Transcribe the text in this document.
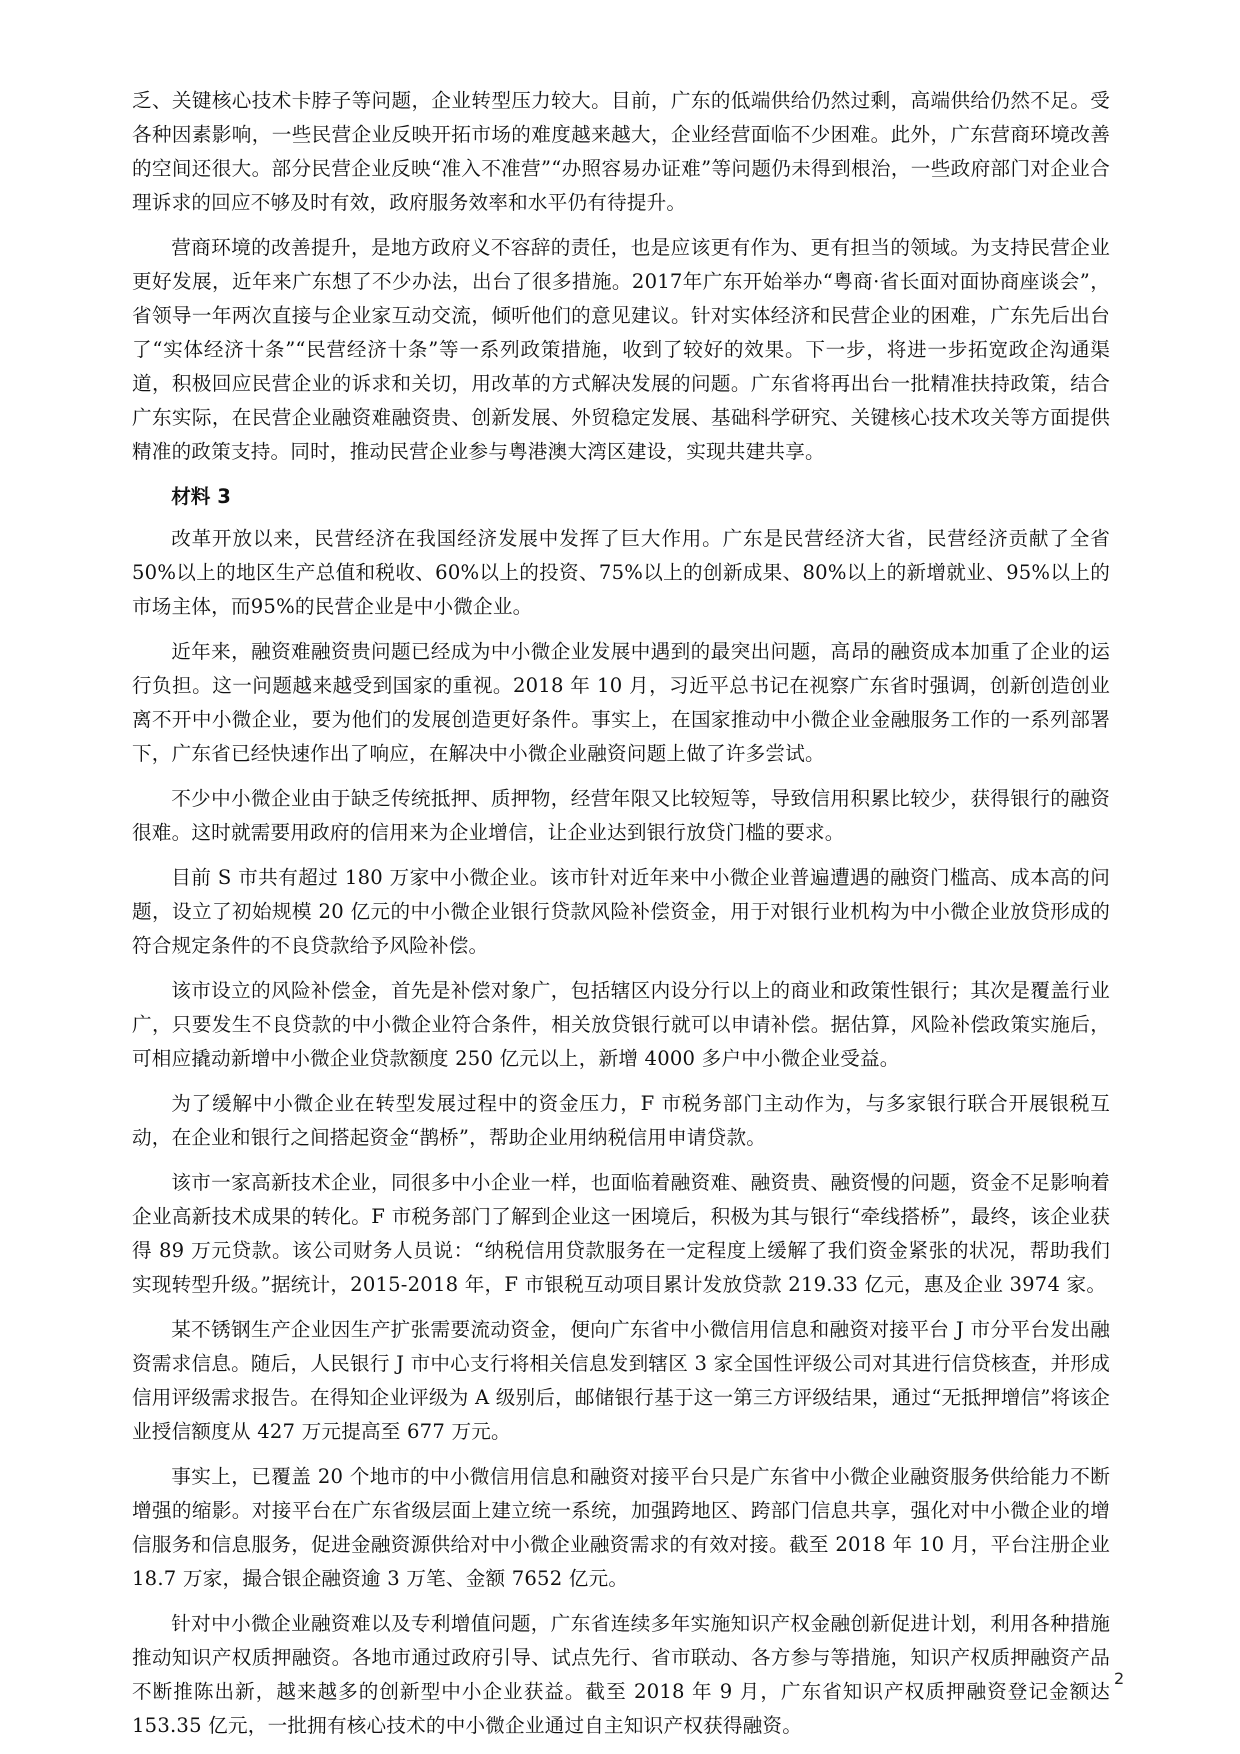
乏、关键核心技术卡脖子等问题，企业转型压力较大。目前，广东的低端供给仍然过剩，高端供给仍然不足。受各种因素影响，一些民营企业反映开拓市场的难度越来越大，企业经营面临不少困难。此外，广东营商环境改善的空间还很大。部分民营企业反映“准入不准营”“办照容易办证难”等问题仍未得到根治，一些政府部门对企业合理诉求的回应不够及时有效，政府服务效率和水平仍有待提升。

营商环境的改善提升，是地方政府义不容辞的责任，也是应该更有作为、更有担当的领域。为支持民营企业更好发展，近年来广东想了不少办法，出台了很多措施。2017年广东开始举办“粤商·省长面对面协商座谈会”，省领导一年两次直接与企业家互动交流，倾听他们的意见建议。针对实体经济和民营企业的困难，广东先后出台了“实体经济十条”“民营经济十条”等一系列政策措施，收到了较好的效果。下一步，将进一步拓宽政企沟通渠道，积极回应民营企业的诉求和关切，用改革的方式解决发展的问题。广东省将再出台一批精准扶持政策，结合广东实际，在民营企业融资难融资贵、创新发展、外贸稳定发展、基础科学研究、关键核心技术攻关等方面提供精准的政策支持。同时，推动民营企业参与粤港澳大湾区建设，实现共建共享。

材料 3

改革开放以来，民营经济在我国经济发展中发挥了巨大作用。广东是民营经济大省，民营经济贡献了全省50%以上的地区生产总值和税收、60%以上的投资、75%以上的创新成果、80%以上的新增就业、95%以上的市场主体，而95%的民营企业是中小微企业。

近年来，融资难融资贵问题已经成为中小微企业发展中遇到的最突出问题，高昂的融资成本加重了企业的运行负担。这一问题越来越受到国家的重视。2018 年 10 月，习近平总书记在视察广东省时强调，创新创造创业离不开中小微企业，要为他们的发展创造更好条件。事实上，在国家推动中小微企业金融服务工作的一系列部署下，广东省已经快速作出了响应，在解决中小微企业融资问题上做了许多尝试。

不少中小微企业由于缺乏传统抵押、质押物，经营年限又比较短等，导致信用积累比较少，获得银行的融资很难。这时就需要用政府的信用来为企业增信，让企业达到银行放贷门槛的要求。

目前 S 市共有超过 180 万家中小微企业。该市针对近年来中小微企业普遍遭遇的融资门槛高、成本高的问题，设立了初始规模 20 亿元的中小微企业银行贷款风险补偿资金，用于对银行业机构为中小微企业放贷形成的符合规定条件的不良贷款给予风险补偿。

该市设立的风险补偿金，首先是补偿对象广，包括辖区内设分行以上的商业和政策性银行；其次是覆盖行业广，只要发生不良贷款的中小微企业符合条件，相关放贷银行就可以申请补偿。据估算，风险补偿政策实施后，可相应撬动新增中小微企业贷款额度 250 亿元以上，新增 4000 多户中小微企业受益。

为了缓解中小微企业在转型发展过程中的资金压力，F 市税务部门主动作为，与多家银行联合开展银税互动，在企业和银行之间搭起资金“鹊桥”，帮助企业用纳税信用申请贷款。

该市一家高新技术企业，同很多中小企业一样，也面临着融资难、融资贵、融资慢的问题，资金不足影响着企业高新技术成果的转化。F 市税务部门了解到企业这一困境后，积极为其与银行“牵线搭桥”，最终，该企业获得 89 万元贷款。该公司财务人员说：“纳税信用贷款服务在一定程度上缓解了我们资金紧张的状况，帮助我们实现转型升级。”据统计，2015-2018 年，F 市银税互动项目累计发放贷款 219.33 亿元，惠及企业 3974 家。

某不锈钢生产企业因生产扩张需要流动资金，便向广东省中小微信用信息和融资对接平台 J 市分平台发出融资需求信息。随后，人民银行 J 市中心支行将相关信息发到辖区 3 家全国性评级公司对其进行信贷核查，并形成信用评级需求报告。在得知企业评级为 A 级别后，邮储银行基于这一第三方评级结果，通过“无抵押增信”将该企业授信额度从 427 万元提高至 677 万元。

事实上，已覆盖 20 个地市的中小微信用信息和融资对接平台只是广东省中小微企业融资服务供给能力不断增强的缩影。对接平台在广东省级层面上建立统一系统，加强跨地区、跨部门信息共享，强化对中小微企业的增信服务和信息服务，促进金融资源供给对中小微企业融资需求的有效对接。截至 2018 年 10 月，平台注册企业 18.7 万家，撮合银企融资逾 3 万笔、金额 7652 亿元。

针对中小微企业融资难以及专利增值问题，广东省连续多年实施知识产权金融创新促进计划，利用各种措施推动知识产权质押融资。各地市通过政府引导、试点先行、省市联动、各方参与等措施，知识产权质押融资产品不断推陈出新，越来越多的创新型中小企业获益。截至 2018 年 9 月，广东省知识产权质押融资登记金额达 153.35 亿元，一批拥有核心技术的中小微企业通过自主知识产权获得融资。

2
